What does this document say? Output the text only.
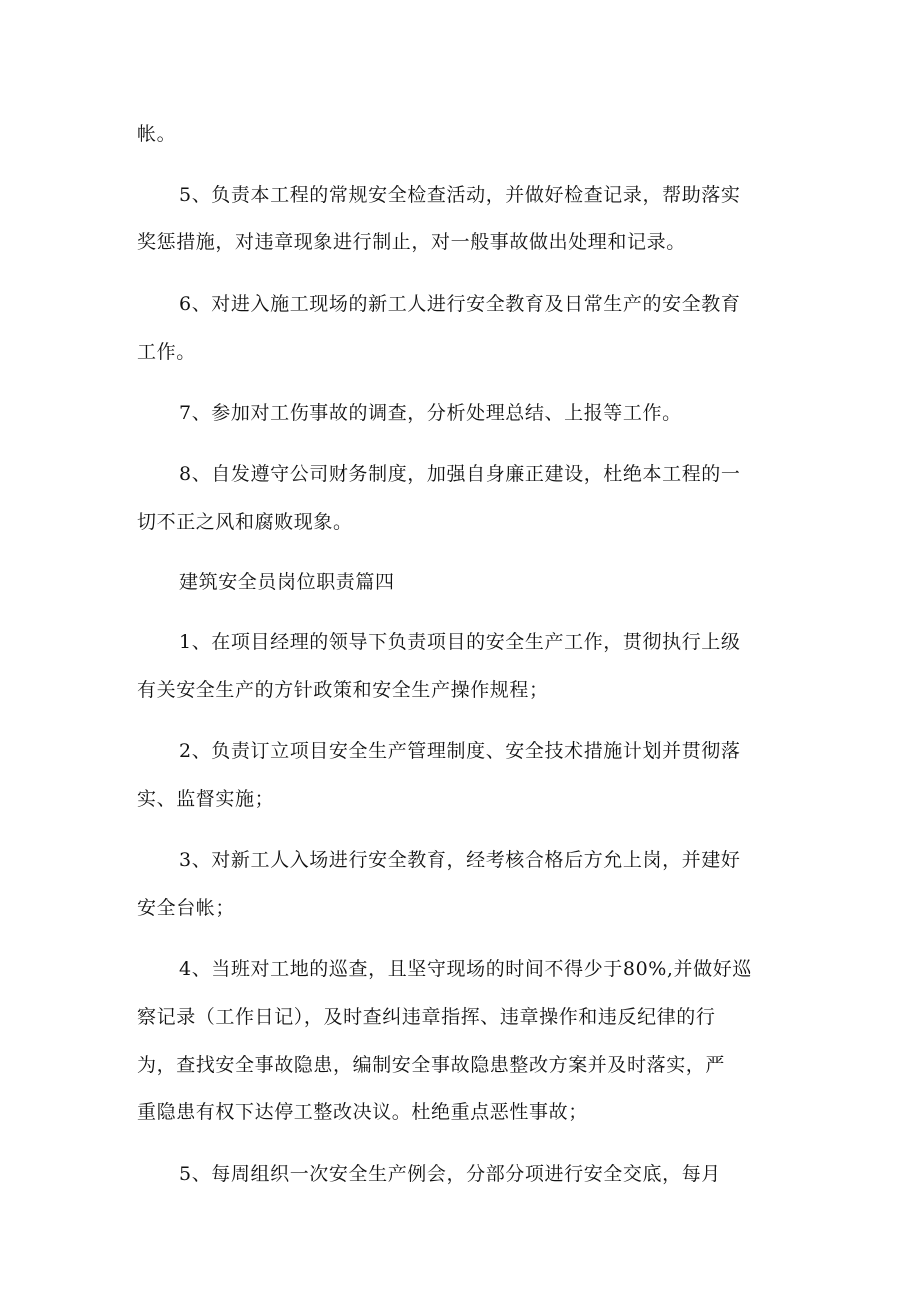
帐。
5、负责本工程的常规安全检查活动，并做好检查记录，帮助落实
奖惩措施，对违章现象进行制止，对一般事故做出处理和记录。
6、对进入施工现场的新工人进行安全教育及日常生产的安全教育
工作。
7、参加对工伤事故的调查，分析处理总结、上报等工作。
8、自发遵守公司财务制度，加强自身廉正建设，杜绝本工程的一
切不正之风和腐败现象。
建筑安全员岗位职责篇四
1、在项目经理的领导下负责项目的安全生产工作，贯彻执行上级
有关安全生产的方针政策和安全生产操作规程；
2、负责订立项目安全生产管理制度、安全技术措施计划并贯彻落
实、监督实施；
3、对新工人入场进行安全教育，经考核合格后方允上岗，并建好
安全台帐；
4、当班对工地的巡查，且坚守现场的时间不得少于80%,并做好巡
察记录（工作日记），及时查纠违章指挥、违章操作和违反纪律的行
为，查找安全事故隐患，编制安全事故隐患整改方案并及时落实，严
重隐患有权下达停工整改决议。杜绝重点恶性事故；
5、每周组织一次安全生产例会，分部分项进行安全交底，每月
